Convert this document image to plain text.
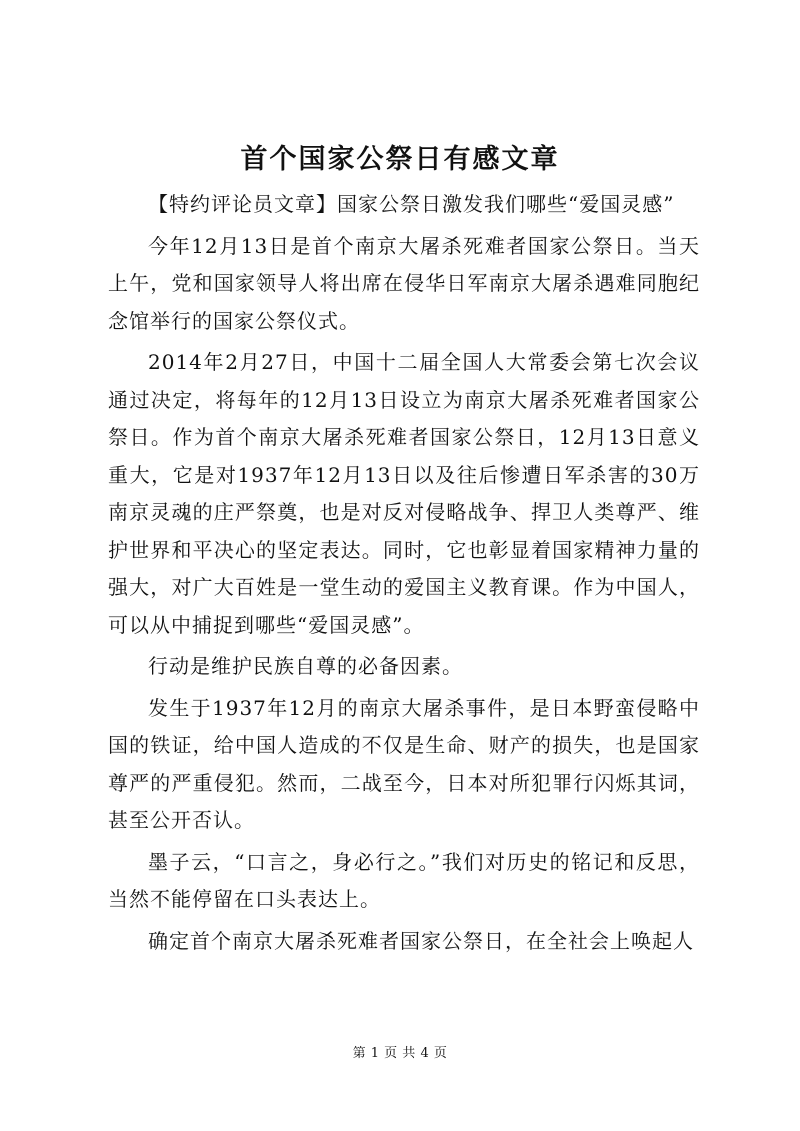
首个国家公祭日有感文章

【特约评论员文章】国家公祭日激发我们哪些“爱国灵感”

今年12月13日是首个南京大屠杀死难者国家公祭日。当天上午，党和国家领导人将出席在侵华日军南京大屠杀遇难同胞纪念馆举行的国家公祭仪式。

2014年2月27日，中国十二届全国人大常委会第七次会议通过决定，将每年的12月13日设立为南京大屠杀死难者国家公祭日。作为首个南京大屠杀死难者国家公祭日，12月13日意义重大，它是对1937年12月13日以及往后惨遭日军杀害的30万南京灵魂的庄严祭奠，也是对反对侵略战争、捍卫人类尊严、维护世界和平决心的坚定表达。同时，它也彰显着国家精神力量的强大，对广大百姓是一堂生动的爱国主义教育课。作为中国人，可以从中捕捉到哪些“爱国灵感”。

行动是维护民族自尊的必备因素。

发生于1937年12月的南京大屠杀事件，是日本野蛮侵略中国的铁证，给中国人造成的不仅是生命、财产的损失，也是国家尊严的严重侵犯。然而，二战至今，日本对所犯罪行闪烁其词，甚至公开否认。

墨子云，“口言之，身必行之。”我们对历史的铭记和反思，当然不能停留在口头表达上。

确定首个南京大屠杀死难者国家公祭日，在全社会上唤起人

第 1 页 共 4 页
